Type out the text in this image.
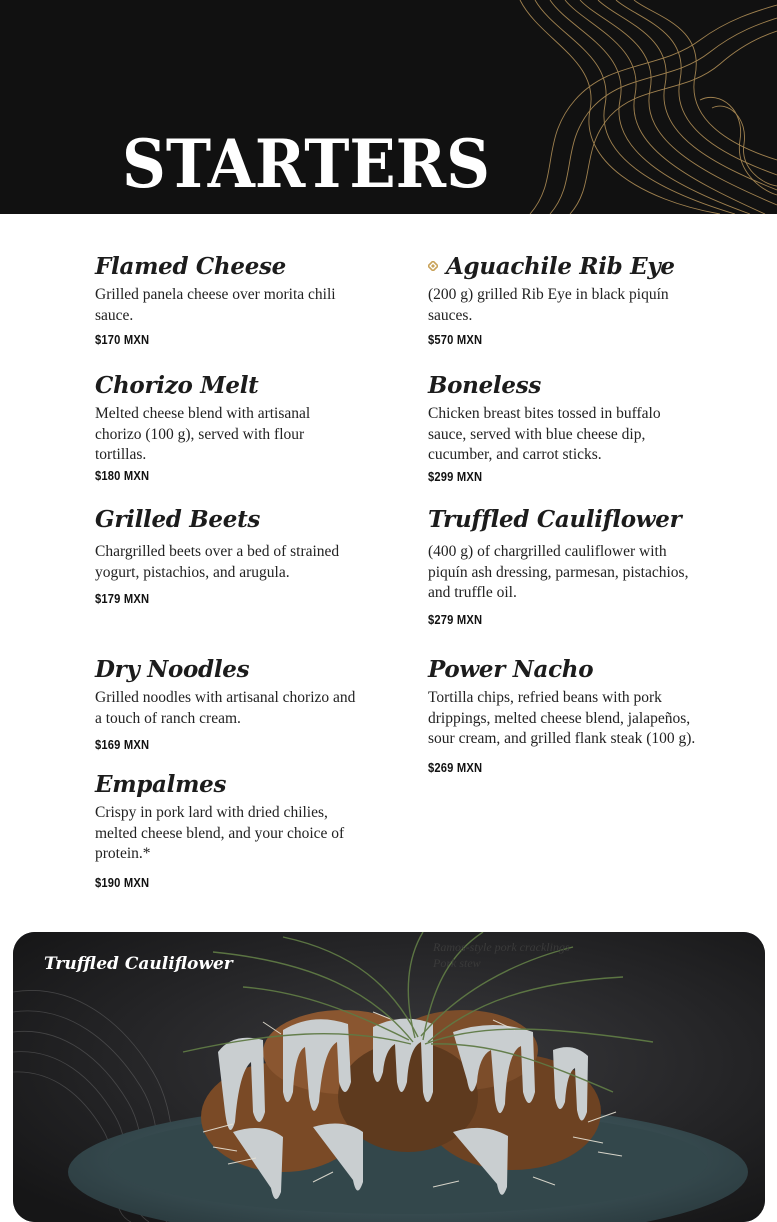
STARTERS
Flamed Cheese

Grilled panela cheese over morita chili sauce.

$170 MXN

Chorizo Melt

Melted cheese blend with artisanal chorizo (100 g), served with flour tortillas.

$180 MXN

Grilled Beets

Chargrilled beets over a bed of strained yogurt, pistachios, and arugula.

$179 MXN

Dry Noodles

Grilled noodles with artisanal chorizo and a touch of ranch cream.

$169 MXN

Empalmes

Crispy in pork lard with dried chilies, melted cheese blend, and your choice of protein.*

$190 MXN

Aguachile Rib Eye

(200 g) grilled Rib Eye in black piquín sauces.

$570 MXN

Boneless

Chicken breast bites tossed in buffalo sauce, served with blue cheese dip, cucumber, and carrot sticks.

$299 MXN

Truffled Cauliflower

(400 g) of chargrilled cauliflower with piquín ash dressing, parmesan, pistachios, and truffle oil.

$279 MXN

Power Nacho

Tortilla chips, refried beans with pork drippings, melted cheese blend, jalapeños, sour cream, and grilled flank steak (100 g).

$269 MXN

Truffled Cauliflower

Ramos-style pork cracklings

Pork stew
